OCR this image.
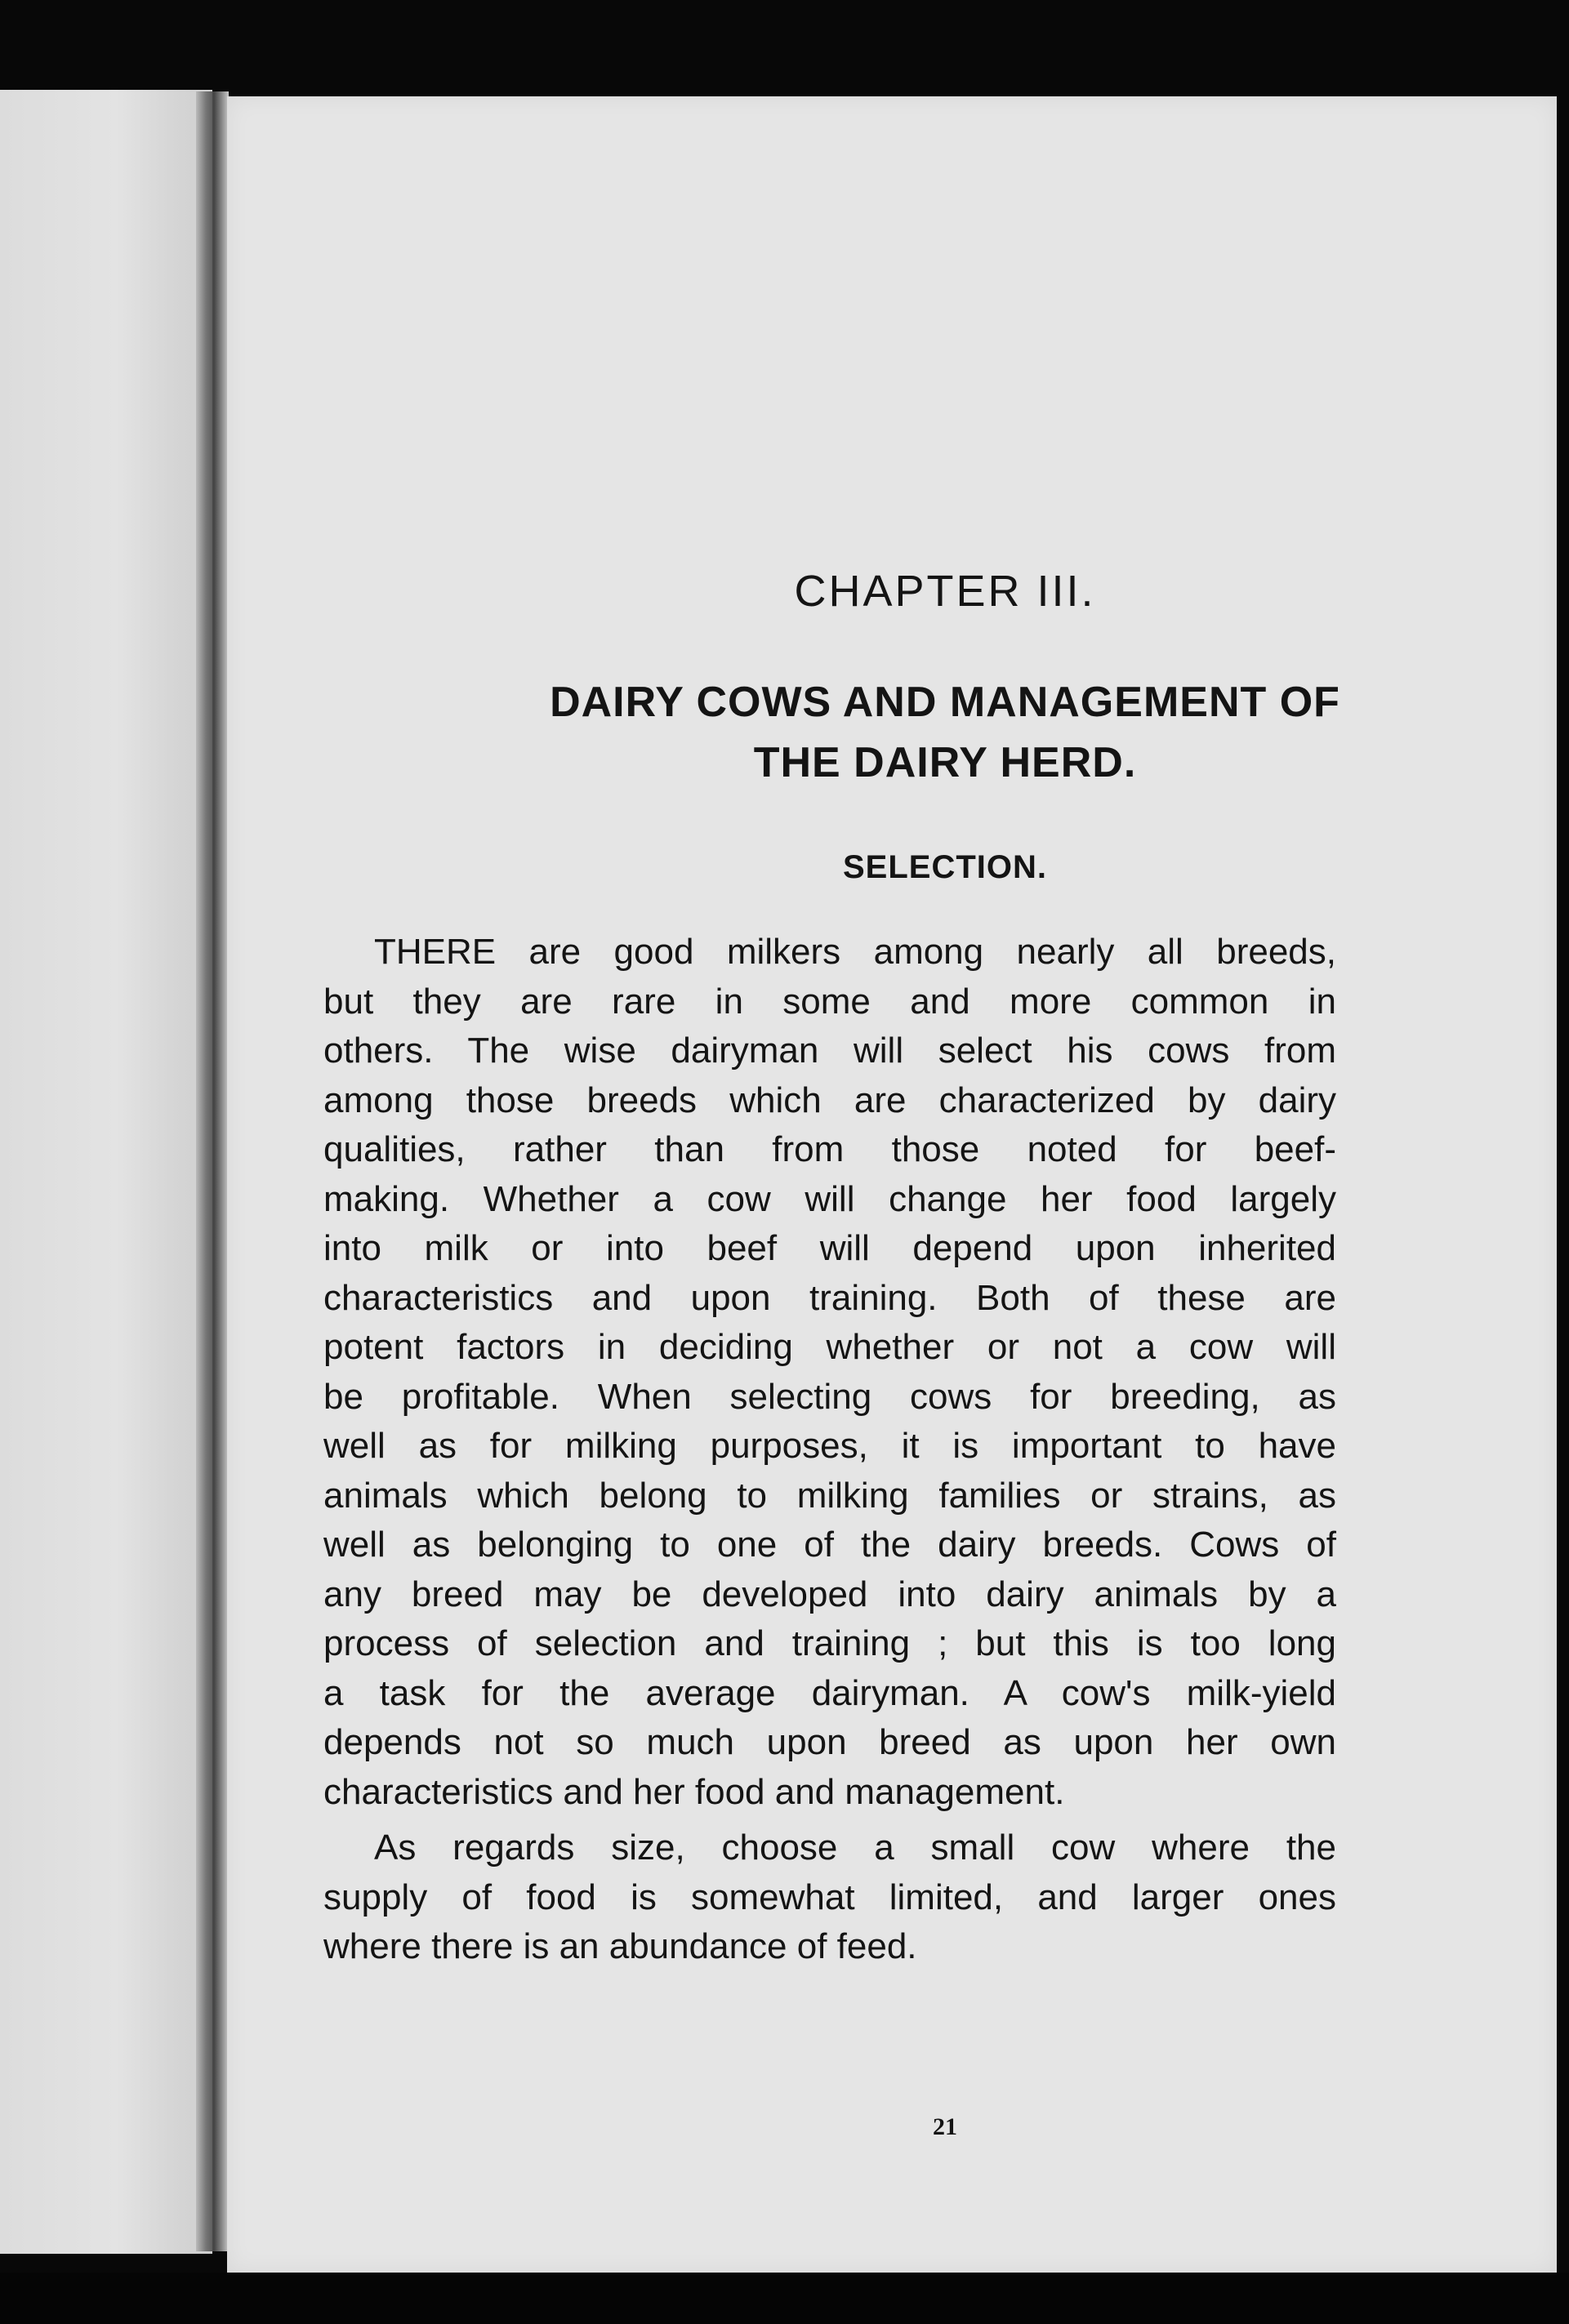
CHAPTER III.
DAIRY COWS AND MANAGEMENT OF
THE DAIRY HERD.
SELECTION.
THERE are good milkers among nearly all breeds,
but they are rare in some and more common in
others. The wise dairyman will select his cows from
among those breeds which are characterized by dairy
qualities, rather than from those noted for beef-
making. Whether a cow will change her food largely
into milk or into beef will depend upon inherited
characteristics and upon training. Both of these are
potent factors in deciding whether or not a cow will
be profitable. When selecting cows for breeding, as
well as for milking purposes, it is important to have
animals which belong to milking families or strains, as
well as belonging to one of the dairy breeds. Cows of
any breed may be developed into dairy animals by a
process of selection and training ; but this is too long
a task for the average dairyman. A cow's milk-yield
depends not so much upon breed as upon her own
characteristics and her food and management.
As regards size, choose a small cow where the
supply of food is somewhat limited, and larger ones
where there is an abundance of feed.
21
